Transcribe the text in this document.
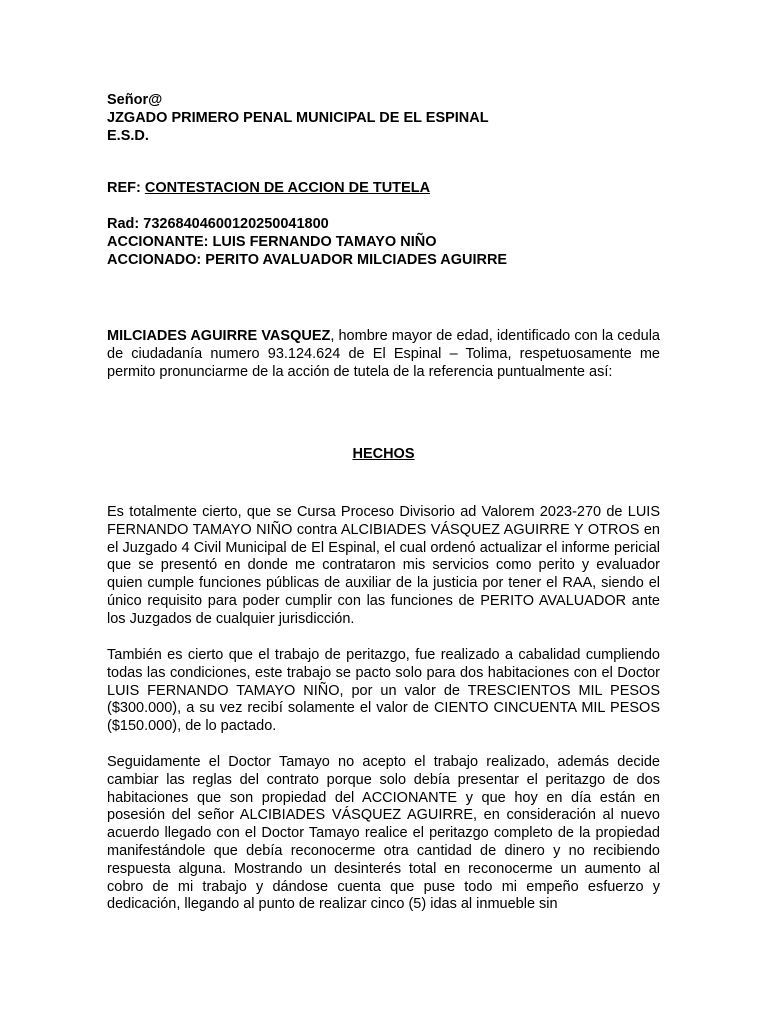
Señor@
JZGADO PRIMERO PENAL MUNICIPAL DE EL ESPINAL
E.S.D.
REF: CONTESTACION DE ACCION DE TUTELA
Rad: 73268404600120250041800
ACCIONANTE: LUIS FERNANDO TAMAYO NIÑO
ACCIONADO: PERITO AVALUADOR MILCIADES AGUIRRE
MILCIADES AGUIRRE VASQUEZ, hombre mayor de edad, identificado con la cedula de ciudadanía numero 93.124.624 de El Espinal – Tolima, respetuosamente me permito pronunciarme de la acción de tutela de la referencia puntualmente así:
HECHOS
Es totalmente cierto, que se Cursa Proceso Divisorio ad Valorem 2023-270 de LUIS FERNANDO TAMAYO NIÑO contra ALCIBIADES VÁSQUEZ AGUIRRE Y OTROS en el Juzgado 4 Civil Municipal de El Espinal, el cual ordenó actualizar el informe pericial que se presentó en donde me contrataron mis servicios como perito y evaluador quien cumple funciones públicas de auxiliar de la justicia por tener el RAA, siendo el único requisito para poder cumplir con las funciones de PERITO AVALUADOR ante los Juzgados de cualquier jurisdicción.
También es cierto que el trabajo de peritazgo, fue realizado a cabalidad cumpliendo todas las condiciones, este trabajo se pacto solo para dos habitaciones con el Doctor LUIS FERNANDO TAMAYO NIÑO, por un valor de TRESCIENTOS MIL PESOS ($300.000), a su vez recibí solamente el valor de CIENTO CINCUENTA MIL PESOS ($150.000), de lo pactado.
Seguidamente el Doctor Tamayo no acepto el trabajo realizado, además decide cambiar las reglas del contrato porque solo debía presentar el peritazgo de dos habitaciones que son propiedad del ACCIONANTE y que hoy en día están en posesión del señor ALCIBIADES VÁSQUEZ AGUIRRE, en consideración al nuevo acuerdo llegado con el Doctor Tamayo realice el peritazgo completo de la propiedad manifestándole que debía reconocerme otra cantidad de dinero y no recibiendo respuesta alguna. Mostrando un desinterés total en reconocerme un aumento al cobro de mi trabajo y dándose cuenta que puse todo mi empeño esfuerzo y dedicación, llegando al punto de realizar cinco (5) idas al inmueble sin
